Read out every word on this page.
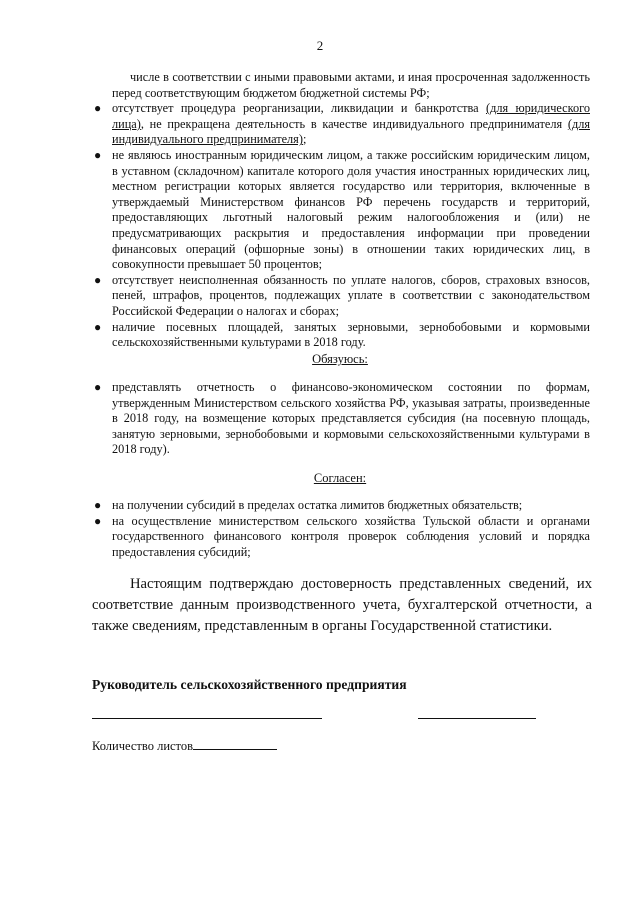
2

числе в соответствии с иными правовыми актами, и иная просроченная задолженность перед соответствующим бюджетом бюджетной системы РФ;

● отсутствует процедура реорганизации, ликвидации и банкротства (для юридического лица), не прекращена деятельность в качестве индивидуального предпринимателя (для индивидуального предпринимателя);
● не являюсь иностранным юридическим лицом, а также российским юридическим лицом, в уставном (складочном) капитале которого доля участия иностранных юридических лиц, местном регистрации которых является государство или территория, включенные в утверждаемый Министерством финансов РФ перечень государств и территорий, предоставляющих льготный налоговый режим налогообложения и (или) не предусматривающих раскрытия и предоставления информации при проведении финансовых операций (офшорные зоны) в отношении таких юридических лиц, в совокупности превышает 50 процентов;
● отсутствует неисполненная обязанность по уплате налогов, сборов, страховых взносов, пеней, штрафов, процентов, подлежащих уплате в соответствии с законодательством Российской Федерации о налогах и сборах;
● наличие посевных площадей, занятых зерновыми, зернобобовыми и кормовыми сельскохозяйственными культурами в 2018 году.
Обязуюсь:
● представлять отчетность о финансово-экономическом состоянии по формам, утвержденным Министерством сельского хозяйства РФ, указывая затраты, произведенные в 2018 году, на возмещение которых представляется субсидия (на посевную площадь, занятую зерновыми, зернобобовыми и кормовыми сельскохозяйственными культурами в 2018 году).
Согласен:
● на получении субсидий в пределах остатка лимитов бюджетных обязательств;
● на осуществление министерством сельского хозяйства Тульской области и органами государственного финансового контроля проверок соблюдения условий и порядка предоставления субсидий;

Настоящим подтверждаю достоверность представленных сведений, их соответствие данным производственного учета, бухгалтерской отчетности, а также сведениям, представленным в органы Государственной статистики.

Руководитель сельскохозяйственного предприятия
Количество листов
